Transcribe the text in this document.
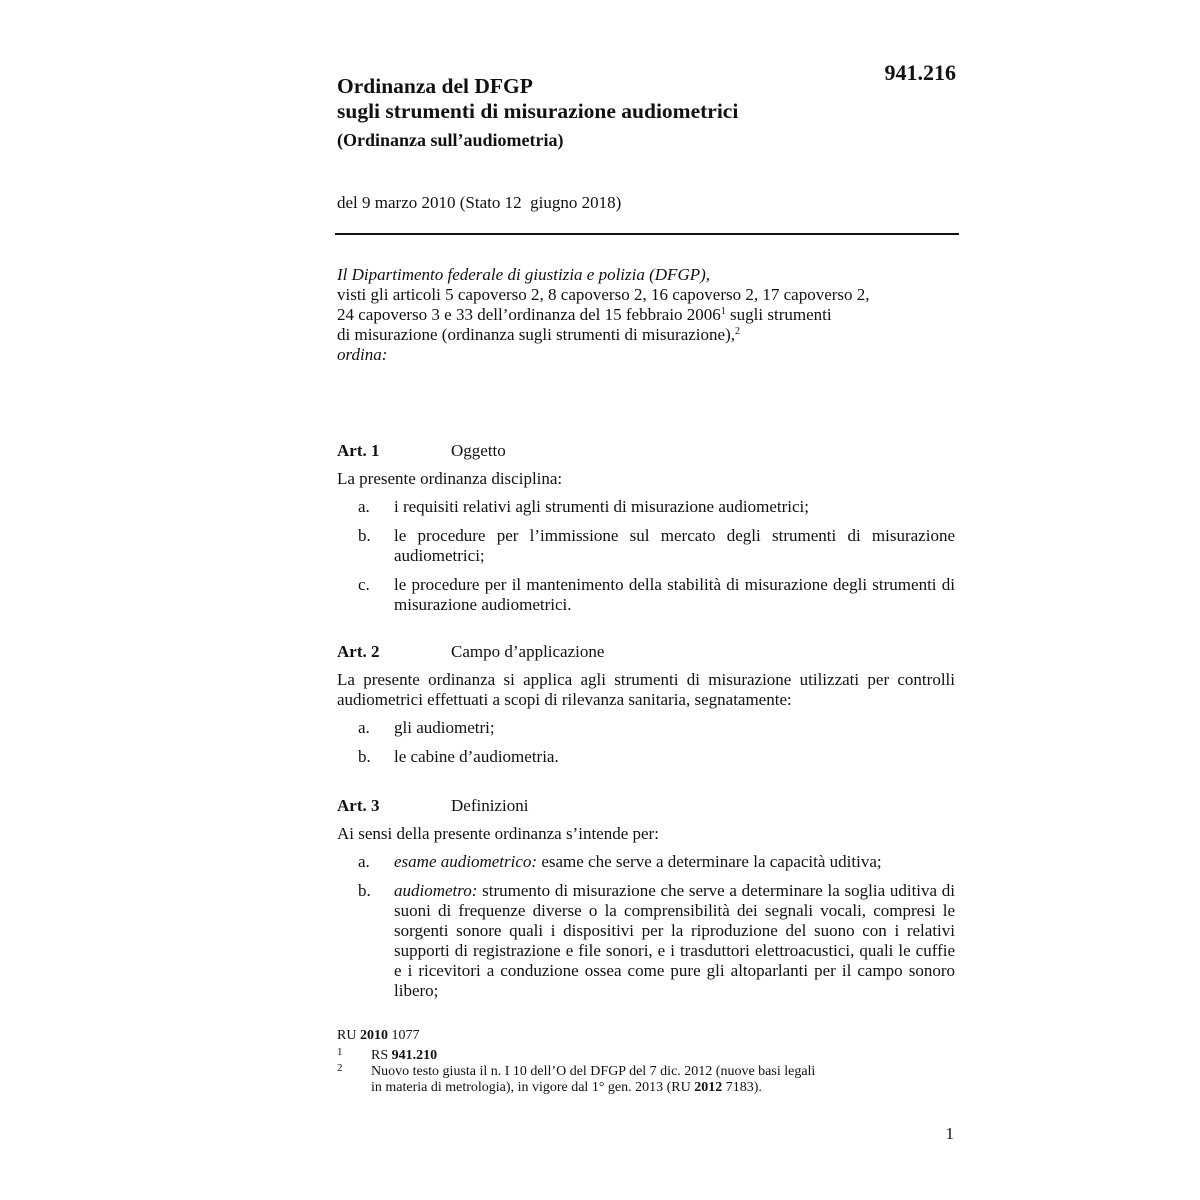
941.216
Ordinanza del DFGP
sugli strumenti di misurazione audiometrici
(Ordinanza sull’audiometria)
del 9 marzo 2010 (Stato 12  giugno 2018)
Il Dipartimento federale di giustizia e polizia (DFGP),
visti gli articoli 5 capoverso 2, 8 capoverso 2, 16 capoverso 2, 17 capoverso 2,
24 capoverso 3 e 33 dell’ordinanza del 15 febbraio 2006$^1$ sugli strumenti
di misurazione (ordinanza sugli strumenti di misurazione),$^2$
ordina:
Art. 1	Oggetto
La presente ordinanza disciplina:
a. i requisiti relativi agli strumenti di misurazione audiometrici;
b. le procedure per l’immissione sul mercato degli strumenti di misurazione audiometrici;
c. le procedure per il mantenimento della stabilità di misurazione degli strumenti di misurazione audiometrici.
Art. 2	Campo d’applicazione
La presente ordinanza si applica agli strumenti di misurazione utilizzati per controlli audiometrici effettuati a scopi di rilevanza sanitaria, segnatamente:
a. gli audiometri;
b. le cabine d’audiometria.
Art. 3	Definizioni
Ai sensi della presente ordinanza s’intende per:
a. esame audiometrico: esame che serve a determinare la capacità uditiva;
b. audiometro: strumento di misurazione che serve a determinare la soglia uditiva di suoni di frequenze diverse o la comprensibilità dei segnali vocali, compresi le sorgenti sonore quali i dispositivi per la riproduzione del suono con i relativi supporti di registrazione e file sonori, e i trasduttori elettroacustici, quali le cuffie e i ricevitori a conduzione ossea come pure gli altoparlanti per il campo sonoro libero;
RU 2010 1077
1 RS 941.210
2 Nuovo testo giusta il n. I 10 dell’O del DFGP del 7 dic. 2012 (nuove basi legali
in materia di metrologia), in vigore dal 1° gen. 2013 (RU 2012 7183).
1
